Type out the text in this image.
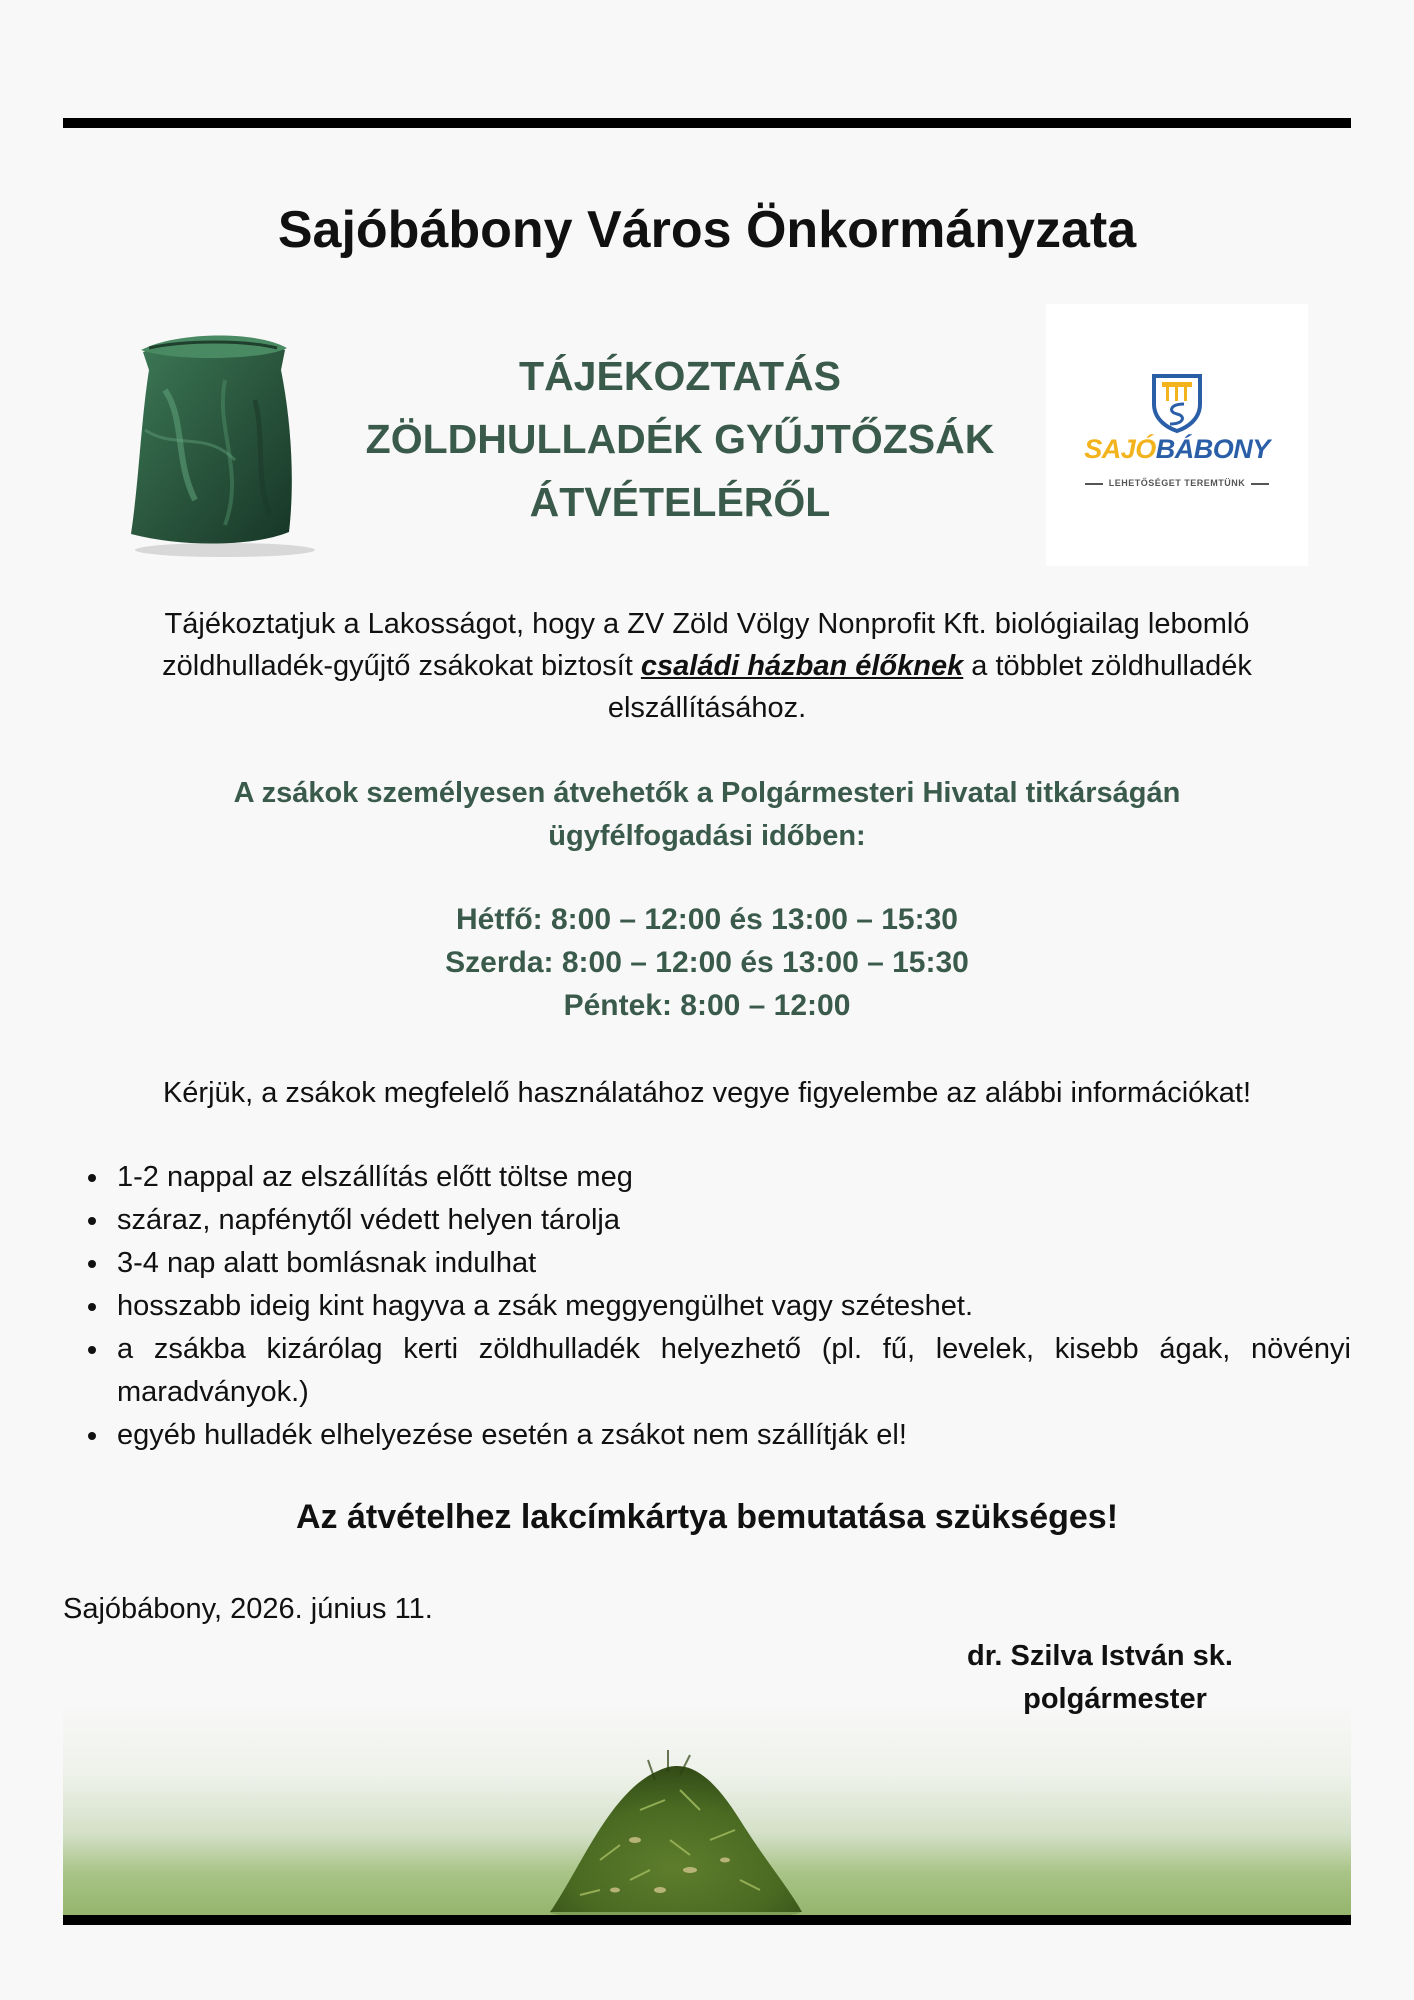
Sajóbábony Város Önkormányzata
TÁJÉKOZTATÁS
ZÖLDHULLADÉK GYŰJTŐZSÁK
ÁTVÉTELÉRŐL
SAJÓBÁBONY
LEHETŐSÉGET TEREMTÜNK
Tájékoztatjuk a Lakosságot, hogy a ZV Zöld Völgy Nonprofit Kft. biológiailag lebomló zöldhulladék-gyűjtő zsákokat biztosít családi házban élőknek a többlet zöldhulladék elszállításához.
A zsákok személyesen átvehetők a Polgármesteri Hivatal titkárságán
ügyfélfogadási időben:
Hétfő: 8:00 – 12:00 és 13:00 – 15:30
Szerda: 8:00 – 12:00 és 13:00 – 15:30
Péntek: 8:00 – 12:00
Kérjük, a zsákok megfelelő használatához vegye figyelembe az alábbi információkat!
1-2 nappal az elszállítás előtt töltse meg
száraz, napfénytől védett helyen tárolja
3-4 nap alatt bomlásnak indulhat
hosszabb ideig kint hagyva a zsák meggyengülhet vagy széteshet.
a zsákba kizárólag kerti zöldhulladék helyezhető (pl. fű, levelek, kisebb ágak, növényi maradványok.)
egyéb hulladék elhelyezése esetén a zsákot nem szállítják el!
Az átvételhez lakcímkártya bemutatása szükséges!
Sajóbábony, 2026. június 11.
dr. Szilva István sk.
polgármester
